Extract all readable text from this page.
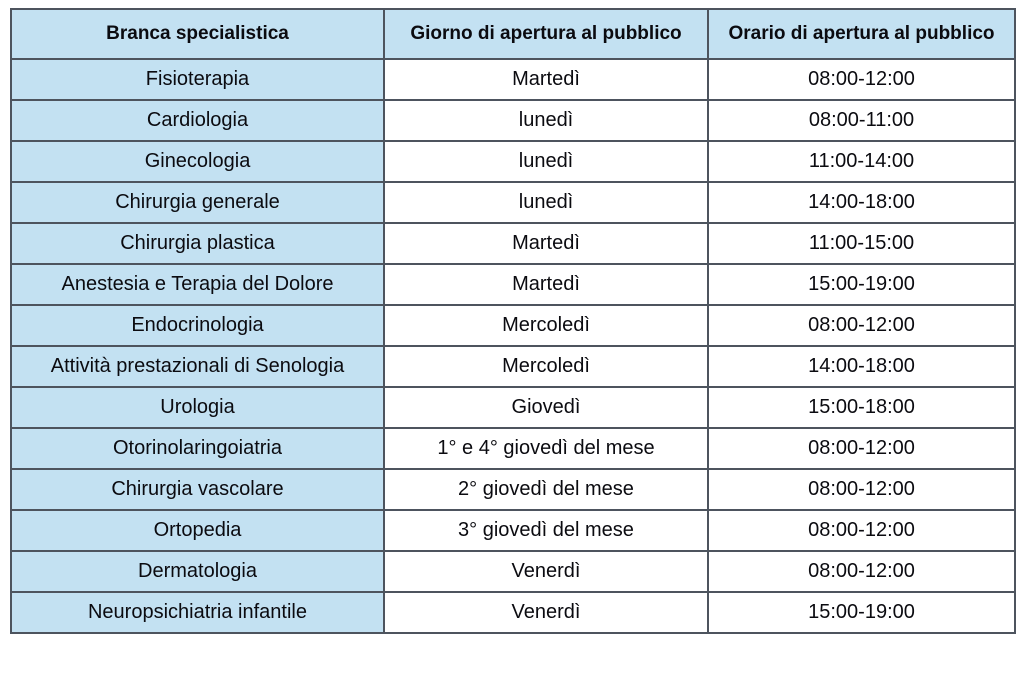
Branca specialistica	Giorno di apertura al pubblico	Orario di apertura al pubblico
Fisioterapia	Martedì	08:00-12:00
Cardiologia	lunedì	08:00-11:00
Ginecologia	lunedì	11:00-14:00
Chirurgia generale	lunedì	14:00-18:00
Chirurgia plastica	Martedì	11:00-15:00
Anestesia e Terapia del Dolore	Martedì	15:00-19:00
Endocrinologia	Mercoledì	08:00-12:00
Attività prestazionali di Senologia	Mercoledì	14:00-18:00
Urologia	Giovedì	15:00-18:00
Otorinolaringoiatria	1° e 4° giovedì del mese	08:00-12:00
Chirurgia vascolare	2° giovedì del mese	08:00-12:00
Ortopedia	3° giovedì del mese	08:00-12:00
Dermatologia	Venerdì	08:00-12:00
Neuropsichiatria infantile	Venerdì	15:00-19:00
